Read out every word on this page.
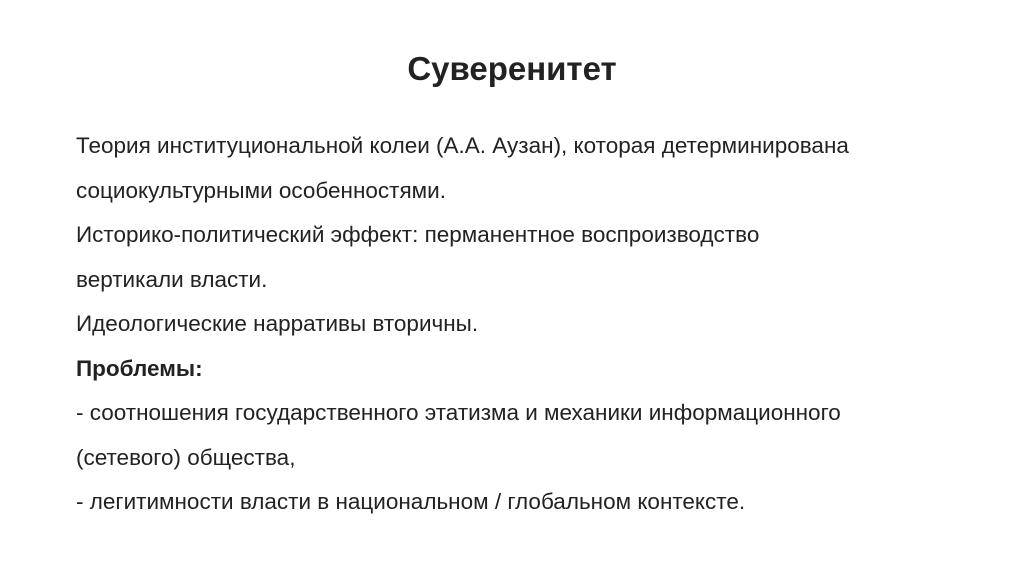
Суверенитет
Теория институциональной колеи (А.А. Аузан), которая детерминирована
социокультурными особенностями.
Историко-политический эффект: перманентное воспроизводство
вертикали власти.
Идеологические нарративы вторичны.
Проблемы:
- соотношения государственного этатизма и механики информационного
(сетевого) общества,
- легитимности власти в национальном / глобальном контексте.
